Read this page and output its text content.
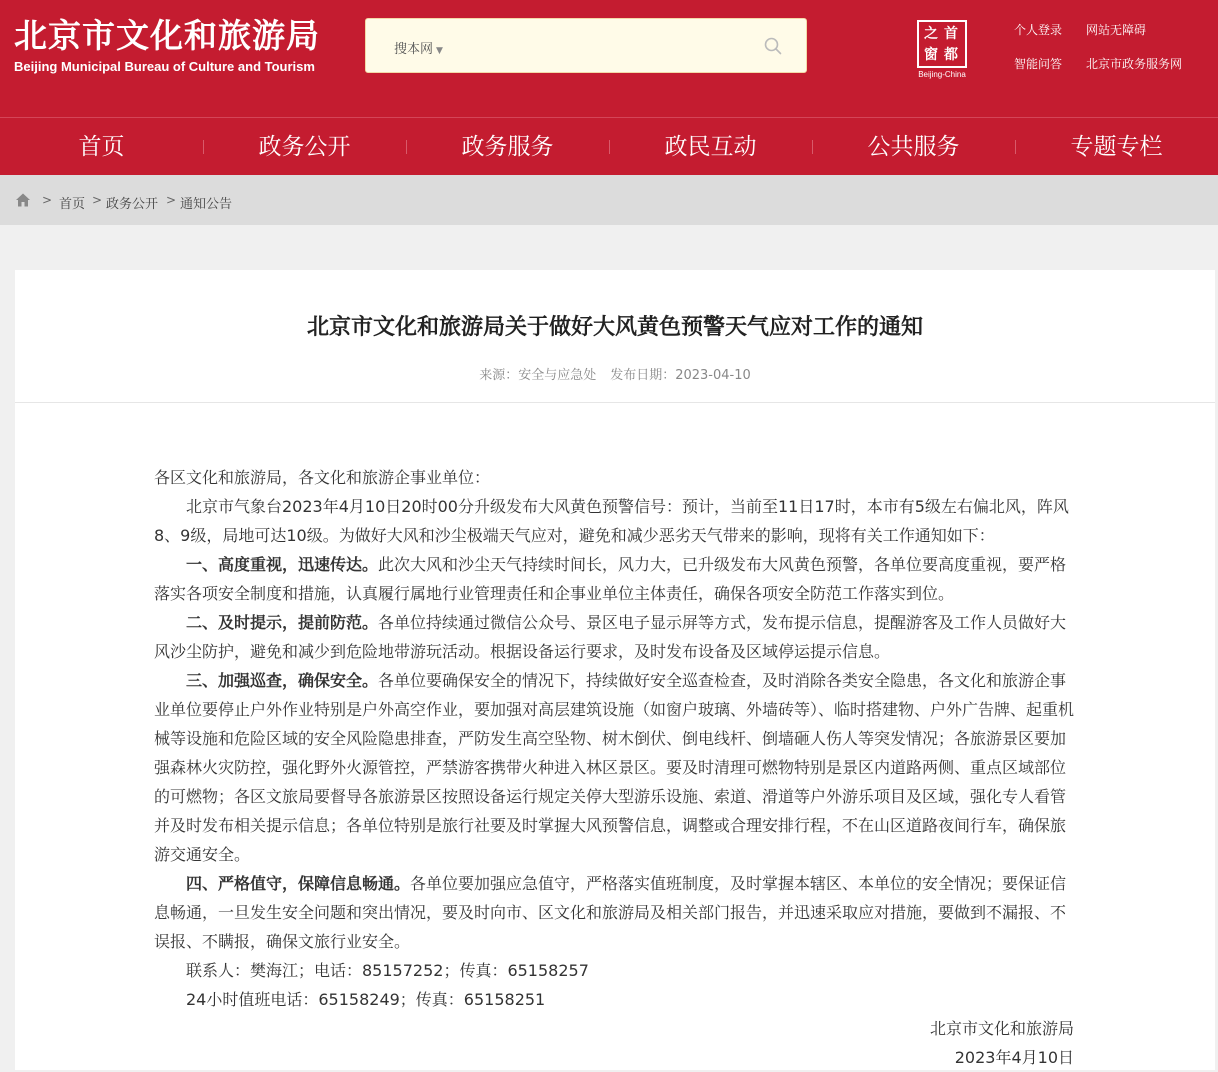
北京市文化和旅游局
Beijing Municipal Bureau of Culture and Tourism
搜本网 ▼
首
都
之
窗
Beijing-China
个人登录 网站无障碍
智能问答 北京市政务服务网
首页	政务公开	政务服务	政民互动	公共服务	专题专栏
> 首页 > 政务公开 > 通知公告
北京市文化和旅游局关于做好大风黄色预警天气应对工作的通知
来源：安全与应急处 发布日期：2023-04-10

各区文化和旅游局，各文化和旅游企事业单位：

北京市气象台2023年4月10日20时00分升级发布大风黄色预警信号：预计，当前至11日17时，本市有5级左右偏北风，阵风8、9级，局地可达10级。为做好大风和沙尘极端天气应对，避免和减少恶劣天气带来的影响，现将有关工作通知如下：

一、高度重视，迅速传达。此次大风和沙尘天气持续时间长，风力大，已升级发布大风黄色预警，各单位要高度重视，要严格落实各项安全制度和措施，认真履行属地行业管理责任和企事业单位主体责任，确保各项安全防范工作落实到位。

二、及时提示，提前防范。各单位持续通过微信公众号、景区电子显示屏等方式，发布提示信息，提醒游客及工作人员做好大风沙尘防护，避免和减少到危险地带游玩活动。根据设备运行要求，及时发布设备及区域停运提示信息。

三、加强巡查，确保安全。各单位要确保安全的情况下，持续做好安全巡查检查，及时消除各类安全隐患，各文化和旅游企事业单位要停止户外作业特别是户外高空作业，要加强对高层建筑设施（如窗户玻璃、外墙砖等）、临时搭建物、户外广告牌、起重机械等设施和危险区域的安全风险隐患排查，严防发生高空坠物、树木倒伏、倒电线杆、倒墙砸人伤人等突发情况；各旅游景区要加强森林火灾防控，强化野外火源管控，严禁游客携带火种进入林区景区。要及时清理可燃物特别是景区内道路两侧、重点区域部位的可燃物；各区文旅局要督导各旅游景区按照设备运行规定关停大型游乐设施、索道、滑道等户外游乐项目及区域，强化专人看管并及时发布相关提示信息；各单位特别是旅行社要及时掌握大风预警信息，调整或合理安排行程，不在山区道路夜间行车，确保旅游交通安全。

四、严格值守，保障信息畅通。各单位要加强应急值守，严格落实值班制度，及时掌握本辖区、本单位的安全情况；要保证信息畅通，一旦发生安全问题和突出情况，要及时向市、区文化和旅游局及相关部门报告，并迅速采取应对措施，要做到不漏报、不误报、不瞒报，确保文旅行业安全。

联系人：樊海江；电话：85157252；传真：65158257

24小时值班电话：65158249；传真：65158251

北京市文化和旅游局

2023年4月10日
